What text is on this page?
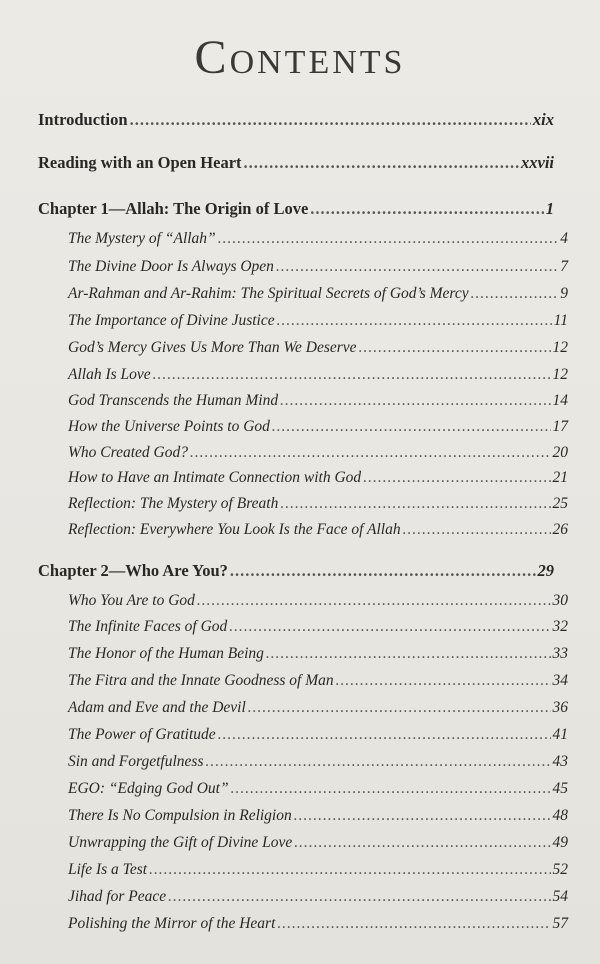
Contents
Introduction .....	xix
Reading with an Open Heart .....	xxvii
Chapter 1—Allah: The Origin of Love .....	1
The Mystery of “Allah” .....	4
The Divine Door Is Always Open .....	7
Ar-Rahman and Ar-Rahim: The Spiritual Secrets of God’s Mercy .....	9
The Importance of Divine Justice .....	11
God’s Mercy Gives Us More Than We Deserve .....	12
Allah Is Love .....	12
God Transcends the Human Mind .....	14
How the Universe Points to God .....	17
Who Created God? .....	20
How to Have an Intimate Connection with God .....	21
Reflection: The Mystery of Breath .....	25
Reflection: Everywhere You Look Is the Face of Allah .....	26
Chapter 2—Who Are You? .....	29
Who You Are to God .....	30
The Infinite Faces of God .....	32
The Honor of the Human Being .....	33
The Fitra and the Innate Goodness of Man .....	34
Adam and Eve and the Devil .....	36
The Power of Gratitude .....	41
Sin and Forgetfulness .....	43
EGO: “Edging God Out” .....	45
There Is No Compulsion in Religion .....	48
Unwrapping the Gift of Divine Love .....	49
Life Is a Test .....	52
Jihad for Peace .....	54
Polishing the Mirror of the Heart .....	57
